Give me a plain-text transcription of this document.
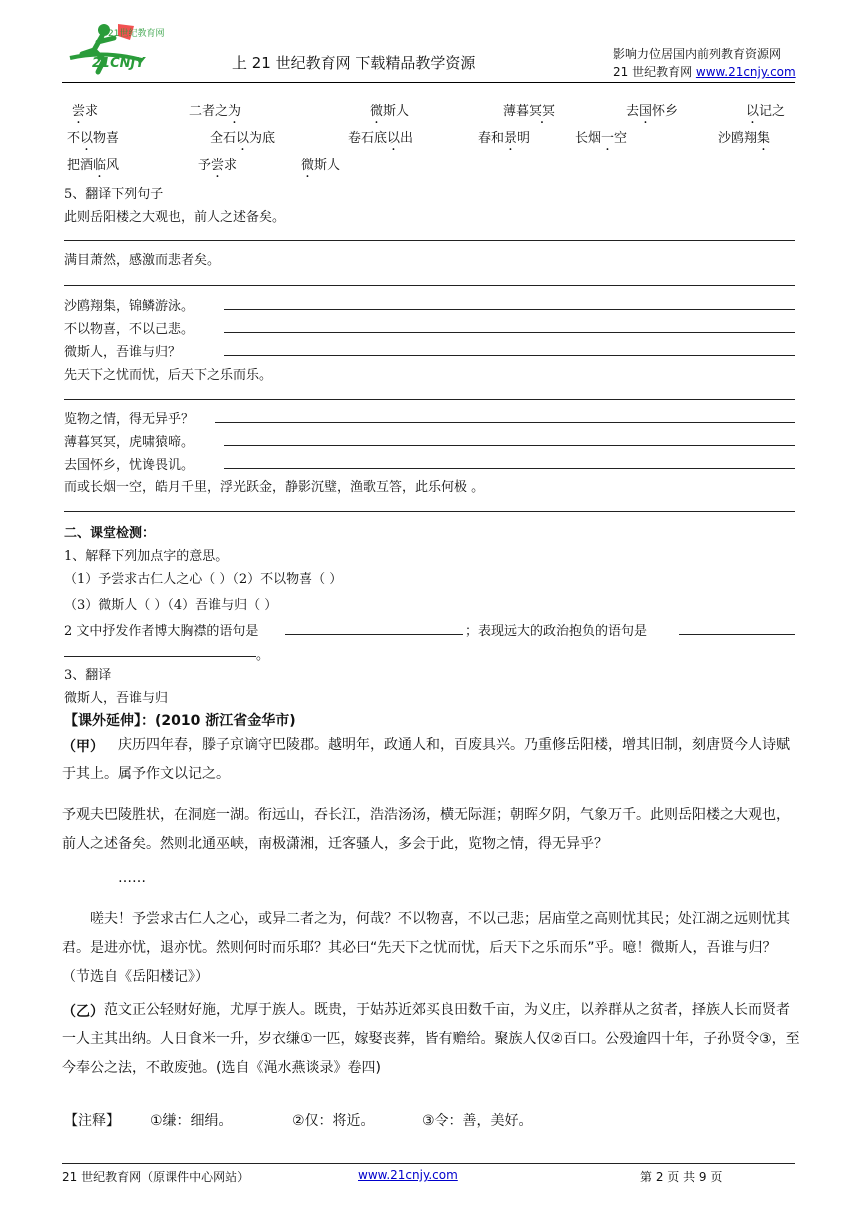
21世纪教育网
21CNJY	上 21 世纪教育网 下载精品教学资源	影响力位居国内前列教育资源网
21 世纪教育网 www.21cnjy.com
尝求	二者之为	微斯人	薄暮冥冥	去国怀乡	以记之
不以物喜	全石以为底	卷石底以出	春和景明	长烟一空	沙鸥翔集
把酒临风	予尝求	微斯人
5、翻译下列句子
此则岳阳楼之大观也，前人之述备矣。
满目萧然，感激而悲者矣。
沙鸥翔集，锦鳞游泳。
不以物喜，不以己悲。
微斯人，吾谁与归？
先天下之忧而忧，后天下之乐而乐。
览物之情，得无异乎？
薄暮冥冥，虎啸猿啼。
去国怀乡，忧谗畏讥。
而或长烟一空，皓月千里，浮光跃金，静影沉璧，渔歌互答，此乐何极 。
二、课堂检测：
1、解释下列加点字的意思。
（1）予尝求古仁人之心（ ）（2）不以物喜（ ）
（3）微斯人（ ）（4）吾谁与归（ ）
2 文中抒发作者博大胸襟的语句是	；表现远大的政治抱负的语句是
。
3、翻译
微斯人，吾谁与归
【课外延伸】：(2010 浙江省金华市)
（甲）	庆历四年春，滕子京谪守巴陵郡。越明年，政通人和，百废具兴。乃重修岳阳楼，增其旧制，刻唐贤今人诗赋于其上。属予作文以记之。
予观夫巴陵胜状，在洞庭一湖。衔远山，吞长江，浩浩汤汤，横无际涯；朝晖夕阴，气象万千。此则岳阳楼之大观也，前人之述备矣。然则北通巫峡，南极潇湘，迁客骚人，多会于此，览物之情，得无异乎？
……
嗟夫！予尝求古仁人之心，或异二者之为，何哉？不以物喜，不以己悲；居庙堂之高则忧其民；处江湖之远则忧其君。是进亦忧，退亦忧。然则何时而乐耶？其必曰“先天下之忧而忧，后天下之乐而乐”乎。噫！微斯人，吾谁与归？（节选自《岳阳楼记》）
（乙） 范文正公轻财好施，尤厚于族人。既贵，于姑苏近郊买良田数千亩，为义庄，以养群从之贫者，择族人长而贤者一人主其出纳。人日食米一升，岁衣缣①一匹，嫁娶丧葬，皆有赡给。聚族人仅②百口。公殁逾四十年，子孙贤令③，至今奉公之法，不敢废弛。(选自《渑水燕谈录》卷四)
【注释】 ①缣：细绢。	②仅：将近。	③令：善，美好。
21 世纪教育网（原课件中心网站）	www.21cnjy.com	第 2 页 共 9 页
